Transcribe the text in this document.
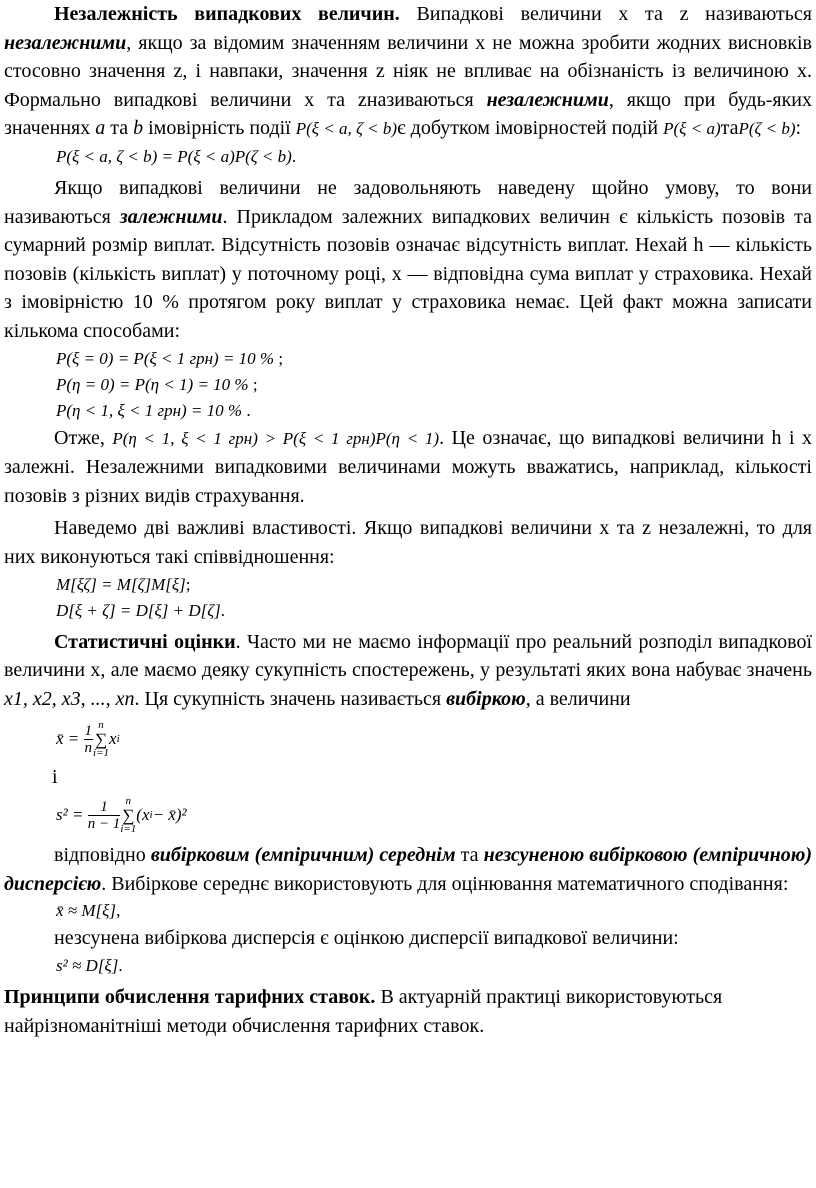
Незалежність випадкових величин. Випадкові величини x та z називаються незалежними, якщо за відомим значенням величини x не можна зробити жодних висновків стосовно значення z, і навпаки, значення z ніяк не впливає на обізнаність із величиною x. Формально випадкові величини x та zназиваються незалежними, якщо при будь-яких значеннях a та b імовірність події P(ξ < a, ζ < b)є добутком імовірностей подій P(ξ < a)таP(ζ < b):

P(ξ < a, ζ < b) = P(ξ < a)P(ζ < b).

Якщо випадкові величини не задовольняють наведену щойно умову, то вони називаються залежними. Прикладом залежних випадкових величин є кількість позовів та сумарний розмір виплат. Відсутність позовів означає відсутність виплат. Нехай h — кількість позовів (кількість виплат) у поточному році, x — відповідна сума виплат у страховика. Нехай з імовірністю 10 % протягом року виплат у страховика немає. Цей факт можна записати кількома способами:

P(ξ = 0) = P(ξ < 1 грн) = 10 % ;

P(η = 0) = P(η < 1) = 10 % ;

P(η < 1, ξ < 1 грн) = 10 % .

Отже, P(η < 1, ξ < 1 грн) > P(ξ < 1 грн)P(η < 1). Це означає, що випадкові величини h і x залежні. Незалежними випадковими величинами можуть вважатись, наприклад, кількості позовів з різних видів страхування.

Наведемо дві важливі властивості. Якщо випадкові величини x та z незалежні, то для них виконуються такі співвідношення:

M[ξζ] = M[ζ]M[ξ];

D[ξ + ζ] = D[ξ] + D[ζ].

Статистичні оцінки. Часто ми не маємо інформації про реальний розподіл випадкової величини x, але маємо деяку сукупність спостережень, у результаті яких вона набуває значень x1, x2, x3, ..., xn. Ця сукупність значень називається вибіркою, а величини

x̄ =
$\frac{1}{n}$ n
∑
i=1
x i

і

s² =
$\frac{1}{n - 1}$ n
∑
i=1
(x i − x̄)²

відповідно вибірковим (емпіричним) середнім та незсуненою вибірковою (емпіричною) дисперсією. Вибіркове середнє використовують для оцінювання математичного сподівання:

x̄ ≈ M[ξ],

незсунена вибіркова дисперсія є оцінкою дисперсії випадкової величини:

s² ≈ D[ξ].

Принципи обчислення тарифних ставок. В актуарній практиці використовуються найрізноманітніші методи обчислення тарифних ставок.
